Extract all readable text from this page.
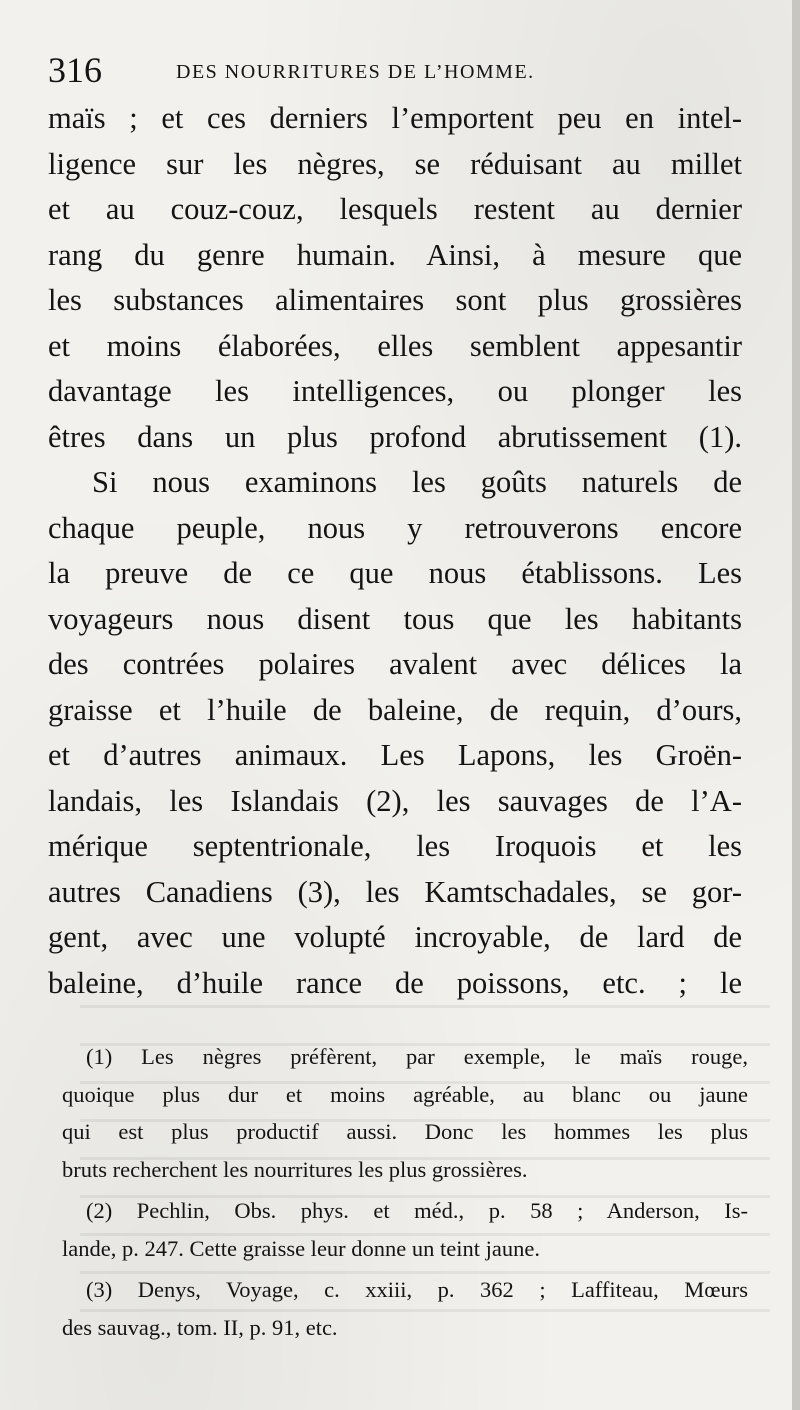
316	DES NOURRITURES DE L’HOMME.
maïs ; et ces derniers l’emportent peu en intel-
ligence sur les nègres, se réduisant au millet
et au couz-couz, lesquels restent au dernier
rang du genre humain. Ainsi, à mesure que
les substances alimentaires sont plus grossières
et moins élaborées, elles semblent appesantir
davantage les intelligences, ou plonger les
êtres dans un plus profond abrutissement (1).
Si nous examinons les goûts naturels de
chaque peuple, nous y retrouverons encore
la preuve de ce que nous établissons. Les
voyageurs nous disent tous que les habitants
des contrées polaires avalent avec délices la
graisse et l’huile de baleine, de requin, d’ours,
et d’autres animaux. Les Lapons, les Groën-
landais, les Islandais (2), les sauvages de l’A-
mérique septentrionale, les Iroquois et les
autres Canadiens (3), les Kamtschadales, se gor-
gent, avec une volupté incroyable, de lard de
baleine, d’huile rance de poissons, etc. ; le
(1) Les nègres préfèrent, par exemple, le maïs rouge,
quoique plus dur et moins agréable, au blanc ou jaune
qui est plus productif aussi. Donc les hommes les plus
bruts recherchent les nourritures les plus grossières.
(2) Pechlin, Obs. phys. et méd., p. 58 ; Anderson, Is-
lande, p. 247. Cette graisse leur donne un teint jaune.
(3) Denys, Voyage, c. xxiii, p. 362 ; Laffiteau, Mœurs
des sauvag., tom. II, p. 91, etc.
